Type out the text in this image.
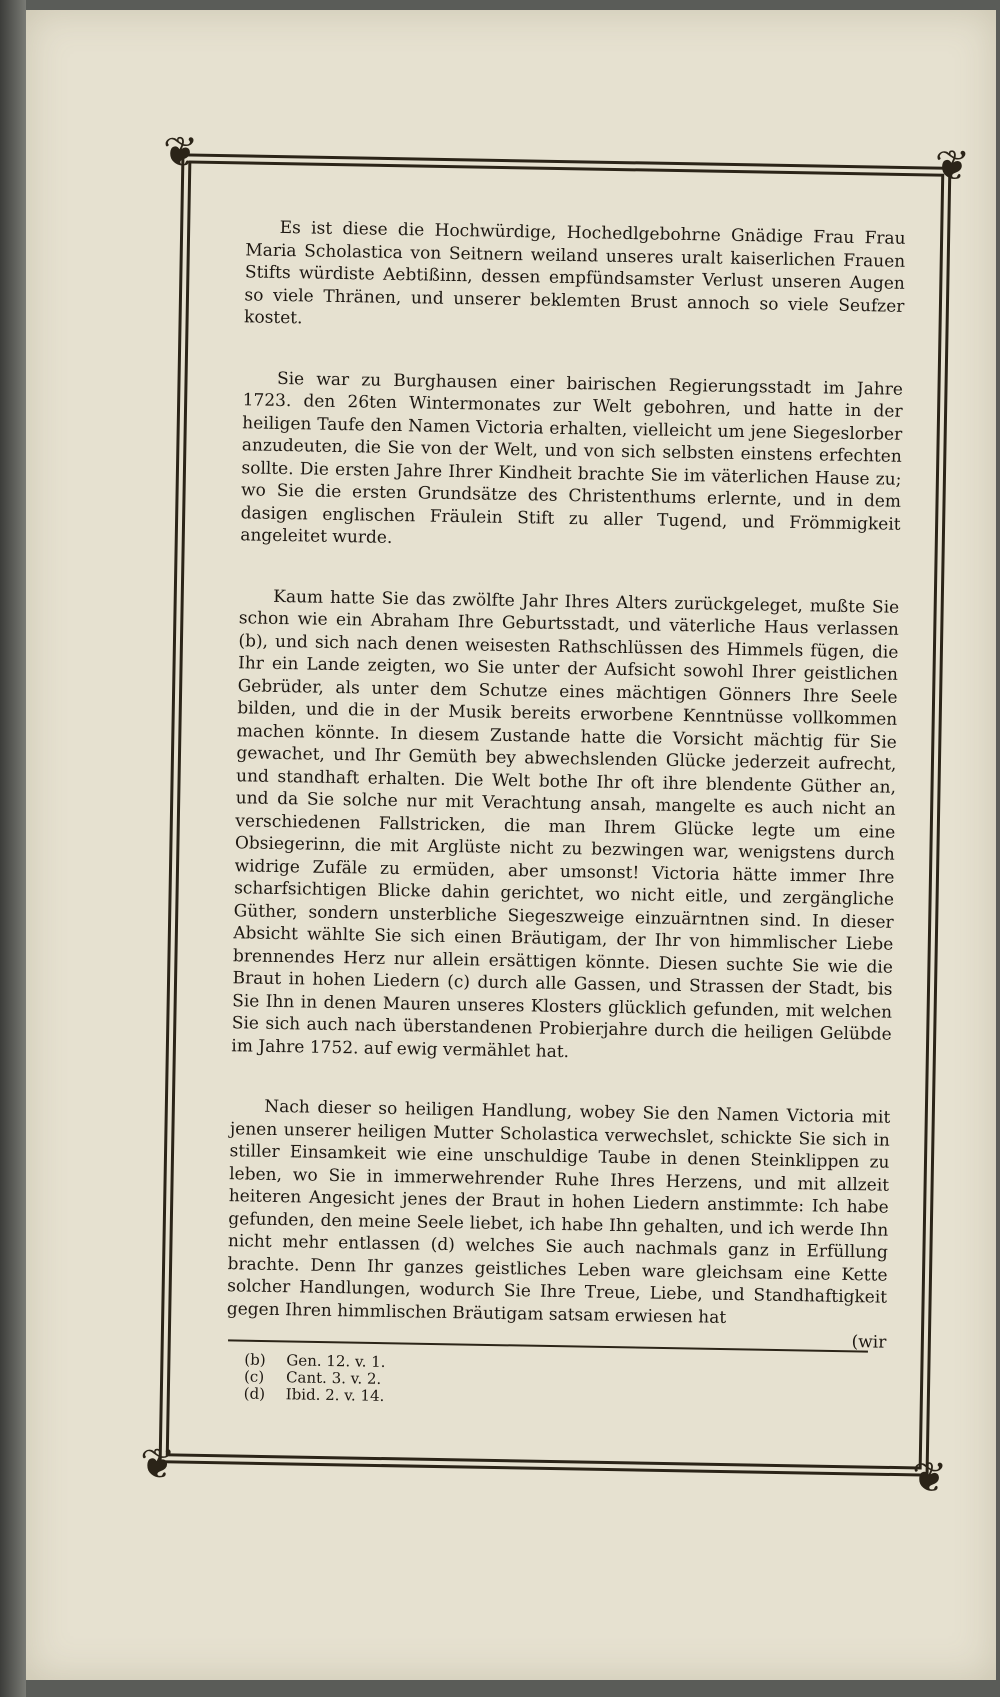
❦	❦
❦	❦

Es ist diese die Hochwürdige, Hochedlgebohrne Gnädige Frau Frau Maria Scholastica von Seitnern weiland unseres uralt kaiserlichen Frauen Stifts würdiste Aebtißinn, dessen empfündsamster Verlust unseren Augen so viele Thränen, und unserer beklemten Brust annoch so viele Seufzer kostet.

Sie war zu Burghausen einer bairischen Regierungsstadt im Jahre 1723. den 26ten Wintermonates zur Welt gebohren, und hatte in der heiligen Taufe den Namen Victoria erhalten, vielleicht um jene Siegeslorber anzudeuten, die Sie von der Welt, und von sich selbsten einstens erfechten sollte. Die ersten Jahre Ihrer Kindheit brachte Sie im väterlichen Hause zu; wo Sie die ersten Grundsätze des Christenthums erlernte, und in dem dasigen englischen Fräulein Stift zu aller Tugend, und Frömmigkeit angeleitet wurde.

Kaum hatte Sie das zwölfte Jahr Ihres Alters zurückgeleget, mußte Sie schon wie ein Abraham Ihre Geburtsstadt, und väterliche Haus verlassen (b), und sich nach denen weisesten Rathschlüssen des Himmels fügen, die Ihr ein Lande zeigten, wo Sie unter der Aufsicht sowohl Ihrer geistlichen Gebrüder, als unter dem Schutze eines mächtigen Gönners Ihre Seele bilden, und die in der Musik bereits erworbene Kenntnüsse vollkommen machen könnte. In diesem Zustande hatte die Vorsicht mächtig für Sie gewachet, und Ihr Gemüth bey abwechslenden Glücke jederzeit aufrecht, und standhaft erhalten. Die Welt bothe Ihr oft ihre blendente Güther an, und da Sie solche nur mit Verachtung ansah, mangelte es auch nicht an verschiedenen Fallstricken, die man Ihrem Glücke legte um eine Obsiegerinn, die mit Arglüste nicht zu bezwingen war, wenigstens durch widrige Zufäle zu ermüden, aber umsonst! Victoria hätte immer Ihre scharfsichtigen Blicke dahin gerichtet, wo nicht eitle, und zergängliche Güther, sondern unsterbliche Siegeszweige einzuärntnen sind. In dieser Absicht wählte Sie sich einen Bräutigam, der Ihr von himmlischer Liebe brennendes Herz nur allein ersättigen könnte. Diesen suchte Sie wie die Braut in hohen Liedern (c) durch alle Gassen, und Strassen der Stadt, bis Sie Ihn in denen Mauren unseres Klosters glücklich gefunden, mit welchen Sie sich auch nach überstandenen Probierjahre durch die heiligen Gelübde im Jahre 1752. auf ewig vermählet hat.

Nach dieser so heiligen Handlung, wobey Sie den Namen Victoria mit jenen unserer heiligen Mutter Scholastica verwechslet, schickte Sie sich in stiller Einsamkeit wie eine unschuldige Taube in denen Steinklippen zu leben, wo Sie in immerwehrender Ruhe Ihres Herzens, und mit allzeit heiteren Angesicht jenes der Braut in hohen Liedern anstimmte: Ich habe gefunden, den meine Seele liebet, ich habe Ihn gehalten, und ich werde Ihn nicht mehr entlassen (d) welches Sie auch nachmals ganz in Erfüllung brachte. Denn Ihr ganzes geistliches Leben ware gleichsam eine Kette solcher Handlungen, wodurch Sie Ihre Treue, Liebe, und Standhaftigkeit gegen Ihren himmlischen Bräutigam satsam erwiesen hat

(wir
(b) Gen. 12. v. 1.
(c) Cant. 3. v. 2.
(d) Ibid. 2. v. 14.
